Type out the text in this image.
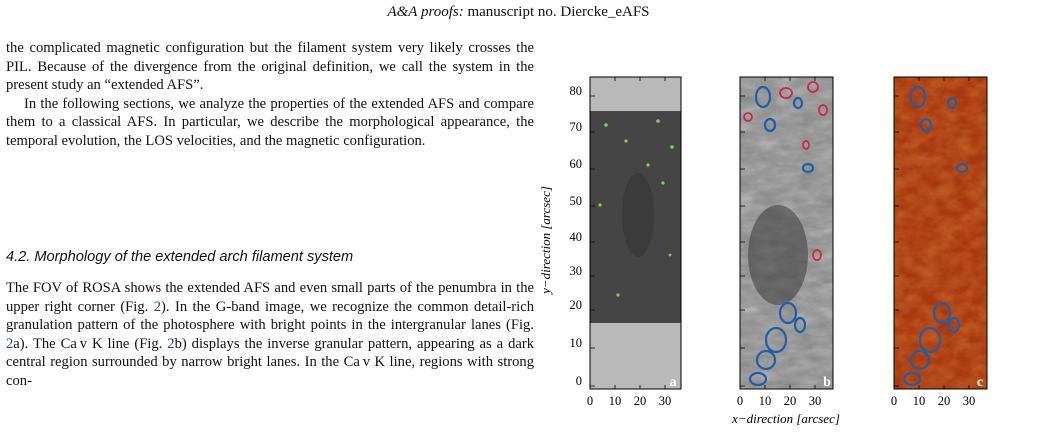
A&A proofs: manuscript no. Diercke_eAFS

the complicated magnetic configuration but the filament system very likely crosses the PIL. Because of the divergence from the original definition, we call the system in the present study an “extended AFS”.

In the following sections, we analyze the properties of the extended AFS and compare them to a classical AFS. In particular, we describe the morphological appearance, the temporal evolution, the LOS velocities, and the magnetic configuration.

4.2. Morphology of the extended arch filament system

The FOV of ROSA shows the extended AFS and even small parts of the penumbra in the upper right corner (Fig. 2). In the G-band image, we recognize the common detail-rich granulation pattern of the photosphere with bright points in the intergranular lanes (Fig. 2a). The Ca ᴠ K line (Fig. 2b) displays the inverse granular pattern, appearing as a dark central region surrounded by narrow bright lanes. In the Ca ᴠ K line, regions with strong con-

y−direction [arcsec]
0
10
20
30
40
50
60
70
80
a	b	c
0 10 20 30	0 10 20 30	0 10 20 30
x−direction [arcsec]
